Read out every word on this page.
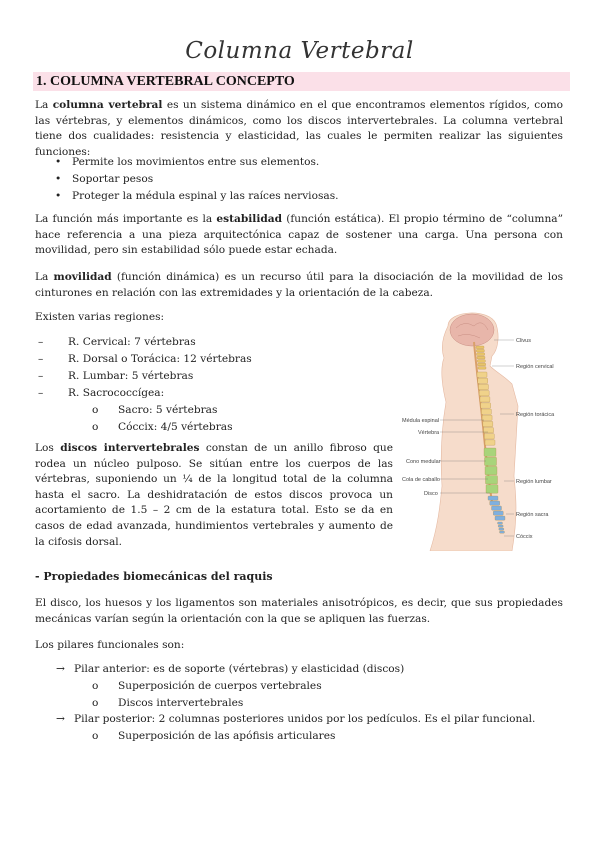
Columna Vertebral
1. COLUMNA VERTEBRAL CONCEPTO
La columna vertebral es un sistema dinámico en el que encontramos elementos rígidos, como las vértebras, y elementos dinámicos, como los discos intervertebrales. La columna vertebral tiene dos cualidades: resistencia y elasticidad, las cuales le permiten realizar las siguientes funciones:
• Permite los movimientos entre sus elementos.
• Soportar pesos
• Proteger la médula espinal y las raíces nerviosas.
La función más importante es la estabilidad (función estática). El propio término de “columna” hace referencia a una pieza arquitectónica capaz de sostener una carga. Una persona con movilidad, pero sin estabilidad sólo puede estar echada.
La movilidad (función dinámica) es un recurso útil para la disociación de la movilidad de los cinturones en relación con las extremidades y la orientación de la cabeza.
Existen varias regiones:
– R. Cervical: 7 vértebras
– R. Dorsal o Torácica: 12 vértebras
– R. Lumbar: 5 vértebras
– R. Sacrococcígea:
o Sacro: 5 vértebras
o Cóccix: 4/5 vértebras
Los discos intervertebrales constan de un anillo fibroso que rodea un núcleo pulposo. Se sitúan entre los cuerpos de las vértebras, suponiendo un ¼ de la longitud total de la columna hasta el sacro. La deshidratación de estos discos provoca un acortamiento de 1.5 – 2 cm de la estatura total. Esto se da en casos de edad avanzada, hundimientos vertebrales y aumento de la cifosis dorsal.
Clivus
Región cervical
Región torácica
Región lumbar
Región sacra
Cóccix
Médula espinal
Vértebra
Cono medular
Cola de caballo
Disco
- Propiedades biomecánicas del raquis
El disco, los huesos y los ligamentos son materiales anisotrópicos, es decir, que sus propiedades mecánicas varían según la orientación con la que se apliquen las fuerzas.
Los pilares funcionales son:
→ Pilar anterior: es de soporte (vértebras) y elasticidad (discos)
o Superposición de cuerpos vertebrales
o Discos intervertebrales
→ Pilar posterior: 2 columnas posteriores unidos por los pedículos. Es el pilar funcional.
o Superposición de las apófisis articulares
